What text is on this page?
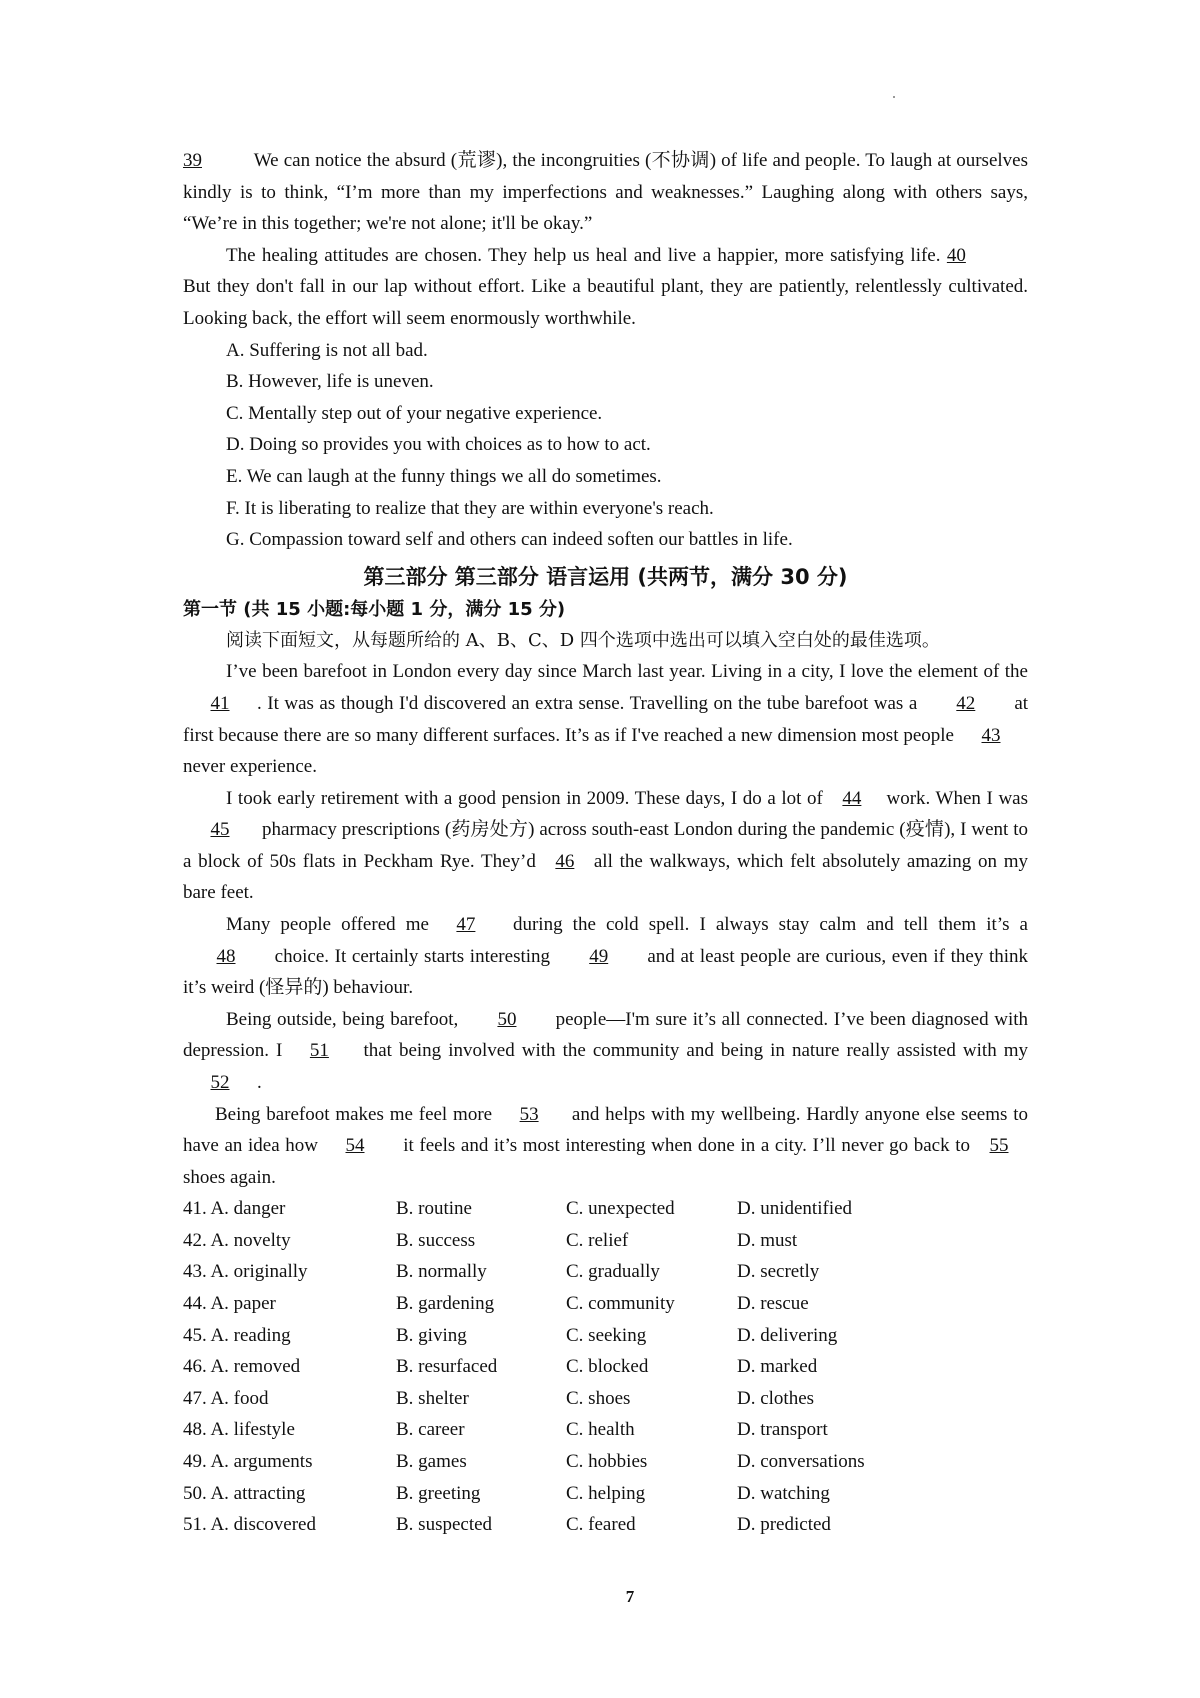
39	We can notice the absurd (荒谬), the incongruities (不协调) of life and people. To laugh at ourselves kindly is to think, “I’m more than my imperfections and weaknesses.” Laughing along with others says, “We’re in this together; we're not alone; it'll be okay.”

The healing attitudes are chosen. They help us heal and live a happier, more satisfying life. 40   But they don't fall in our lap without effort. Like a beautiful plant, they are patiently, relentlessly cultivated. Looking back, the effort will seem enormously worthwhile.

A. Suffering is not all bad.
B. However, life is uneven.
C. Mentally step out of your negative experience.
D. Doing so provides you with choices as to how to act.
E. We can laugh at the funny things we all do sometimes.
F. It is liberating to realize that they are within everyone's reach.
G. Compassion toward self and others can indeed soften our battles in life.
第三部分 第三部分 语言运用 (共两节，满分 30 分)

第一节 (共 15 小题:每小题 1 分，满分 15 分)

阅读下面短文，从每题所给的 A、B、C、D 四个选项中选出可以填入空白处的最佳选项。

I’ve been barefoot in London every day since March last year. Living in a city, I love the element of the41 . It was as though I'd discovered an extra sense. Travelling on the tube barefoot was a 42 at first because there are so many different surfaces. It’s as if I've reached a new dimension most people 43 never experience.

I took early retirement with a good pension in 2009. These days, I do a lot of 44 work. When I was45 pharmacy prescriptions (药房处方) across south-east London during the pandemic (疫情), I went to a block of 50s flats in Peckham Rye. They’d 46 all the walkways, which felt absolutely amazing on my bare feet.

Many people offered me 47 during the cold spell. I always stay calm and tell them it’s a 48 choice. It certainly starts interesting 49 and at least people are curious, even if they think it’s weird (怪异的) behaviour.

Being outside, being barefoot, 50 people—I'm sure it’s all connected. I’ve been diagnosed with depression. I 51 that being involved with the community and being in nature really assisted with my 52 .

Being barefoot makes me feel more 53 and helps with my wellbeing. Hardly anyone else seems to have an idea how 54 it feels and it’s most interesting when done in a city. I’ll never go back to 55 shoes again.

41. A. danger	B. routine	C. unexpected	D. unidentified
42. A. novelty	B. success	C. relief	D. must
43. A. originally	B. normally	C. gradually	D. secretly
44. A. paper	B. gardening	C. community	D. rescue
45. A. reading	B. giving	C. seeking	D. delivering
46. A. removed	B. resurfaced	C. blocked	D. marked
47. A. food	B. shelter	C. shoes	D. clothes
48. A. lifestyle	B. career	C. health	D. transport
49. A. arguments	B. games	C. hobbies	D. conversations
50. A. attracting	B. greeting	C. helping	D. watching
51. A. discovered	B. suspected	C. feared	D. predicted
7
